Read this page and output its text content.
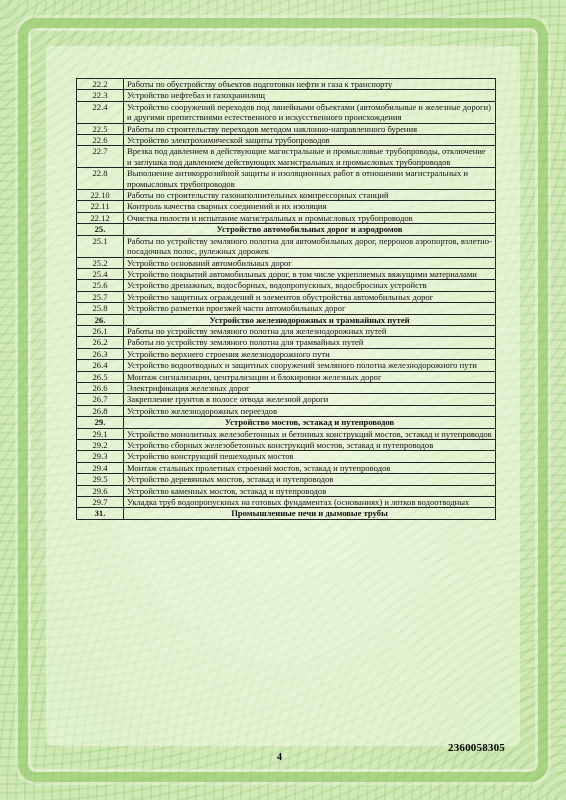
22.2	Работы по обустройству объектов подготовки нефти и газа к транспорту
22.3	Устройство нефтебаз и газохранилищ
22.4	Устройство сооружений переходов под линейными объектами (автомобильные и железные дороги) и другими препятствиями естественного и искусственного происхождения
22.5	Работы по строительству переходов методом наклонно-направленного бурения
22.6	Устройство электрохимической защиты трубопроводов
22.7	Врезка под давлением в действующие магистральные и промысловые трубопроводы, отключение и заглушка под давлением действующих магистральных и промысловых трубопроводов
22.8	Выполнение антикоррозийной защиты и изоляционных работ в отношении магистральных и промысловых трубопроводов
22.10	Работы по строительству газонаполнительных компрессорных станций
22.11	Контроль качества сварных соединений и их изоляция
22.12	Очистка полости и испытание магистральных и промысловых трубопроводов
25.	Устройство автомобильных дорог и аэродромов
25.1	Работы по устройству земляного полотна для автомобильных дорог, перронов аэропортов, взлетно-посадочных полос, рулежных дорожек
25.2	Устройство оснований автомобильных дорог
25.4	Устройство покрытий автомобильных дорог, в том числе укрепляемых вяжущими материалами
25.6	Устройство дренажных, водосборных, водопропускных, водосбросных устройств
25.7	Устройство защитных ограждений и элементов обустройства автомобильных дорог
25.8	Устройство разметки проезжей части автомобильных дорог
26.	Устройство железнодорожных и трамвайных путей
26.1	Работы по устройству земляного полотна для железнодорожных путей
26.2	Работы по устройству земляного полотна для трамвайных путей
26.3	Устройство верхнего строения железнодорожного пути
26.4	Устройство водоотводных и защитных сооружений земляного полотна железнодорожного пути
26.5	Монтаж сигнализации, централизации и блокировки железных дорог
26.6	Электрификация железных дорог
26.7	Закрепление грунтов в полосе отвода железной дороги
26.8	Устройство железнодорожных переездов
29.	Устройство мостов, эстакад и путепроводов
29.1	Устройство монолитных железобетонных и бетонных конструкций мостов, эстакад и путепроводов
29.2	Устройство сборных железобетонных конструкций мостов, эстакад и путепроводов
29.3	Устройство конструкций пешеходных мостов
29.4	Монтаж стальных пролетных строений мостов, эстакад и путепроводов
29.5	Устройство деревянных мостов, эстакад и путепроводов
29.6	Устройство каменных мостов, эстакад и путепроводов
29.7	Укладка труб водопропускных на готовых фундаментах (основаниях) и лотков водоотводных
31.	Промышленные печи и дымовые трубы
4
2360058305
